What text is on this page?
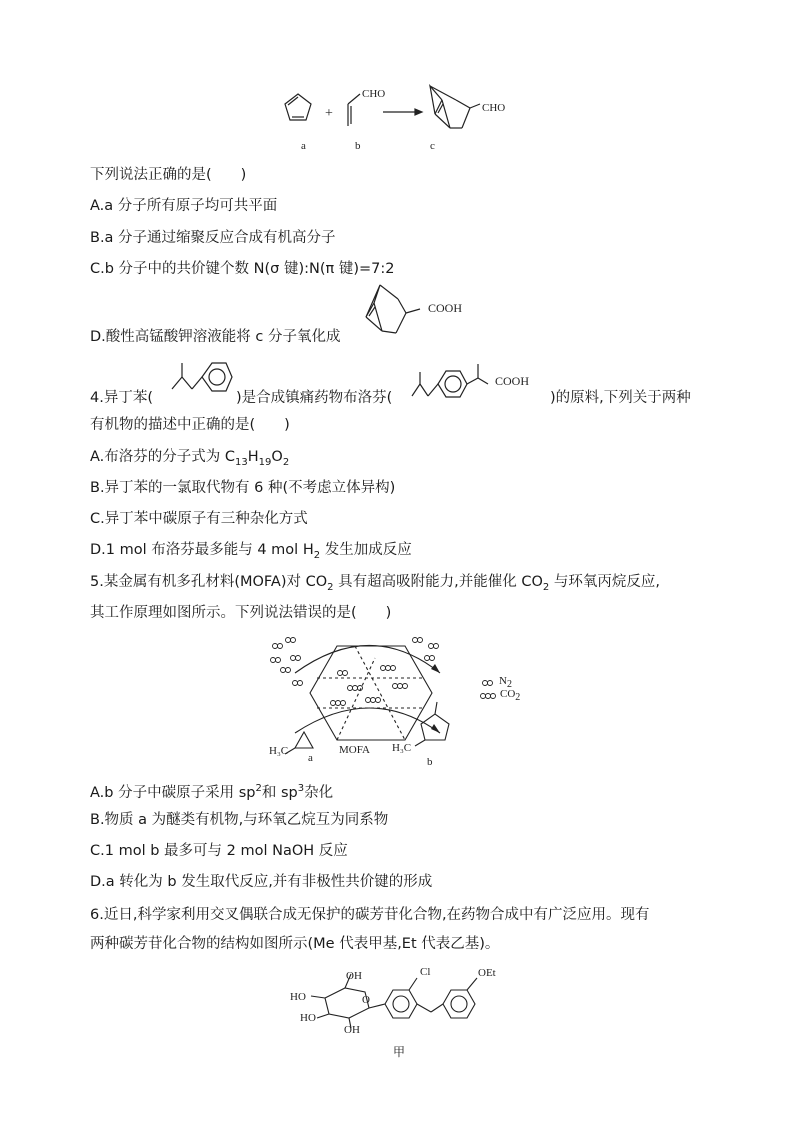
+
CHO
CHO
a	b	c
下列说法正确的是(　　)
A.a 分子所有原子均可共平面
B.a 分子通过缩聚反应合成有机高分子
C.b 分子中的共价键个数 N(σ 键):N(π 键)=7:2
D.酸性高锰酸钾溶液能将 c 分子氧化成
COOH
4.异丁苯(	)是合成镇痛药物布洛芬(
COOH
)的原料,下列关于两种
有机物的描述中正确的是(　　)
A.布洛芬的分子式为 $C_{13}H_{19}O_2$
B.异丁苯的一氯取代物有 6 种(不考虑立体异构)
C.异丁苯中碳原子有三种杂化方式
D.1 mol 布洛芬最多能与 4 mol $H_2$ 发生加成反应
5.某金属有机多孔材料(MOFA)对 $CO_2$ 具有超高吸附能力,并能催化 $CO_2$ 与环氧丙烷反应,
其工作原理如图所示。下列说法错误的是(　　)
$N_2$
$CO_2$
MOFA
H₃C	H₃C
a	b
A.b 分子中碳原子采用 $sp^2$和 $sp^3$杂化
B.物质 a 为醚类有机物,与环氧乙烷互为同系物
C.1 mol b 最多可与 2 mol NaOH 反应
D.a 转化为 b 发生取代反应,并有非极性共价键的形成
6.近日,科学家利用交叉偶联合成无保护的碳芳苷化合物,在药物合成中有广泛应用。现有
两种碳芳苷化合物的结构如图所示(Me 代表甲基,Et 代表乙基)。
OH
HO
HO
OH
O
Cl	OEt
甲
